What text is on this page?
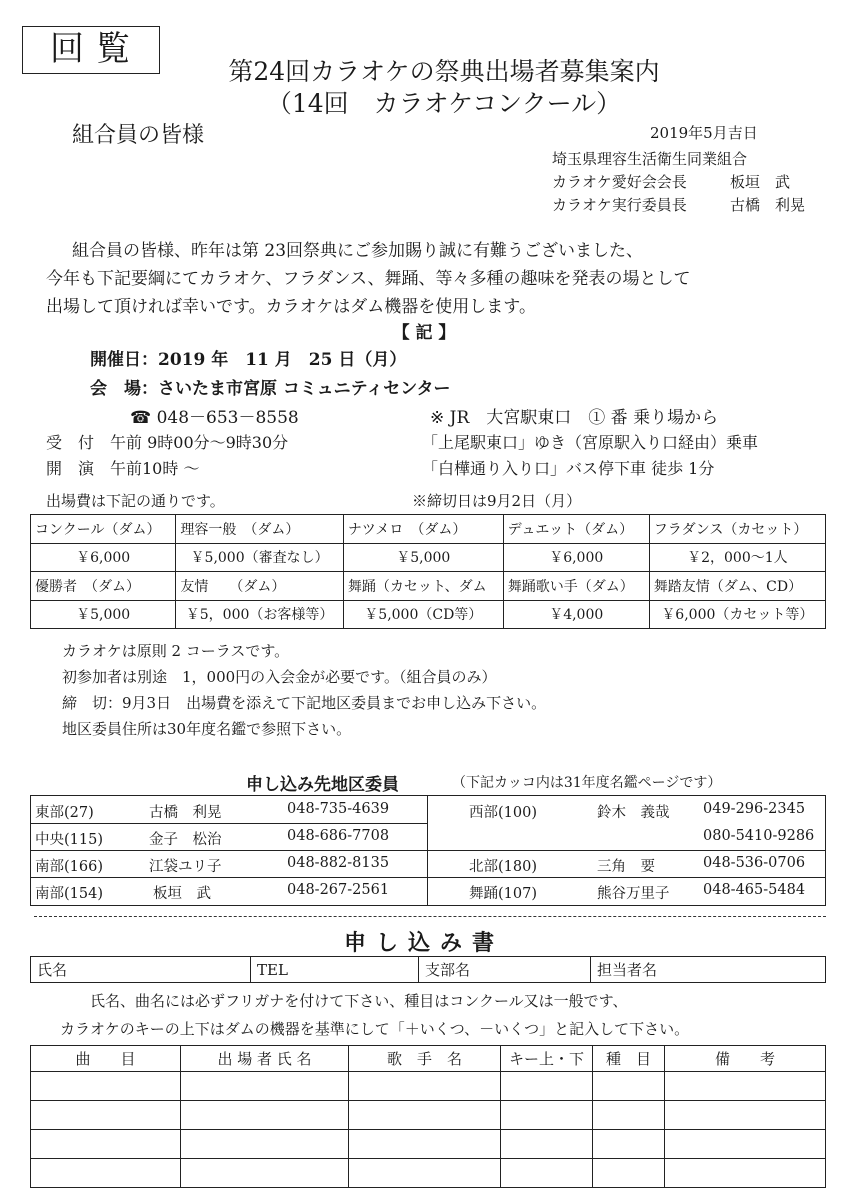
回覧
第24回カラオケの祭典出場者募集案内
（14回　カラオケコンクール）
組合員の皆様	2019年5月吉日
埼玉県理容生活衛生同業組合
カラオケ愛好会会長	板垣　武
カラオケ実行委員長	古橋　利晃
組合員の皆様、昨年は第 23回祭典にご参加賜り誠に有難うございました、
今年も下記要綱にてカラオケ、フラダンス、舞踊、等々多種の趣味を発表の場として
出場して頂ければ幸いです。カラオケはダム機器を使用します。
【 記 】
開催日：2019 年　11 月　25 日（月）
会　場：さいたま市宮原 コミュニティセンター
☎ 048－653－8558	※ JR　大宮駅東口　① 番 乗り場から
受　付　午前 9時00分～9時30分	「上尾駅東口」ゆき（宮原駅入り口経由）乗車
開　演　午前10時 ～	「白樺通り入り口」バス停下車 徒歩 1分
出場費は下記の通りです。	※締切日は9月2日（月）
コンクール（ダム）	理容一般　（ダム）	ナツメロ　（ダム）	デュエット（ダム）	フラダンス（カセット）
￥6,000	￥5,000（審査なし）	￥5,000	￥6,000	￥2，000～1人
優勝者　（ダム）	友情　　（ダム）	舞踊（カセット、ダム	舞踊歌い手（ダム）	舞踏友情（ダム、CD）
￥5,000	￥5，000（お客様等）	￥5,000（CD等）	￥4,000	￥6,000（カセット等）
カラオケは原則 2 コーラスです。
初参加者は別途　1，000円の入会金が必要です。（組合員のみ）
締　切：9月3日　出場費を添えて下記地区委員までお申し込み下さい。
地区委員住所は30年度名鑑で参照下さい。
申し込み先地区委員	（下記カッコ内は31年度名鑑ページです）
東部(27)	古橋　利晃	048-735-4639
中央(115)	金子　松治	048-686-7708
南部(166)	江袋ユリ子	048-882-8135
南部(154)	板垣　武	048-267-2561
西部(100)	鈴木　義哉 049-296-2345
080-5410-9286
北部(180)	三角　要	048-536-0706
舞踊(107)	熊谷万里子 048-465-5484
申し込み書
氏名	TEL	支部名	担当者名
氏名、曲名には必ずフリガナを付けて下さい、種目はコンクール又は一般です、
カラオケのキーの上下はダムの機器を基準にして「＋いくつ、－いくつ」と記入して下さい。
曲　　目	出 場 者 氏 名	歌　手　名	キー上・下	種　目	備　　考
